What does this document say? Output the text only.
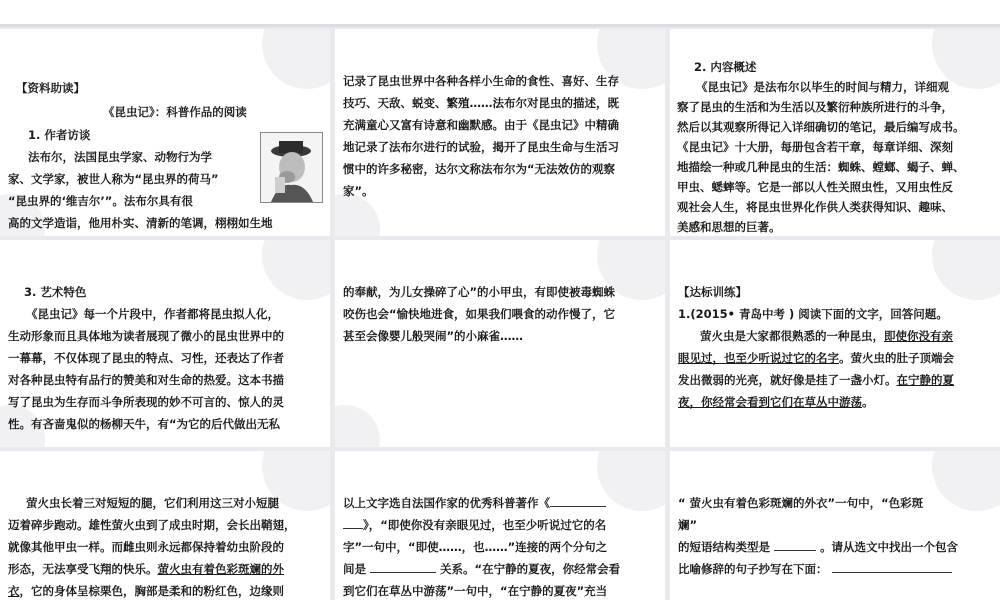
【资料助读】
《昆虫记》：科普作品的阅读
1. 作者访谈
法布尔，法国昆虫学家、动物行为学
家、文学家，被世人称为“昆虫界的荷马”
“昆虫界的‘维吉尔’”。法布尔具有很
高的文学造诣，他用朴实、清新的笔调，栩栩如生地
记录了昆虫世界中各种各样小生命的食性、喜好、生存
技巧、天敌、蜕变、繁殖……法布尔对昆虫的描述，既
充满童心又富有诗意和幽默感。由于《昆虫记》中精确
地记录了法布尔进行的试验，揭开了昆虫生命与生活习
惯中的许多秘密，达尔文称法布尔为“无法效仿的观察
家”。
2. 内容概述
《昆虫记》是法布尔以毕生的时间与精力，详细观
察了昆虫的生活和为生活以及繁衍种族所进行的斗争，
然后以其观察所得记入详细确切的笔记，最后编写成书。
《昆虫记》十大册，每册包含若干章，每章详细、深刻
地描绘一种或几种昆虫的生活：蜘蛛、螳螂、蝎子、蝉、
甲虫、蟋蟀等。它是一部以人性关照虫性，又用虫性反
观社会人生，将昆虫世界化作供人类获得知识、趣味、
美感和思想的巨著。
3. 艺术特色
《昆虫记》每一个片段中，作者都将昆虫拟人化，
生动形象而且具体地为读者展现了微小的昆虫世界中的
一幕幕，不仅体现了昆虫的特点、习性，还表达了作者
对各种昆虫特有品行的赞美和对生命的热爱。这本书描
写了昆虫为生存而斗争所表现的妙不可言的、惊人的灵
性。有吝啬鬼似的杨柳天牛，有“为它的后代做出无私
的奉献，为儿女操碎了心”的小甲虫，有即使被毒蜘蛛
咬伤也会“愉快地进食，如果我们喂食的动作慢了，它
甚至会像婴儿般哭闹”的小麻雀……
【达标训练】
1.(2015• 青岛中考 ) 阅读下面的文字，回答问题。
萤火虫是大家都很熟悉的一种昆虫，即使你没有亲
眼见过，也至少听说过它的名字。萤火虫的肚子顶端会
发出微弱的光亮，就好像是挂了一盏小灯。在宁静的夏
夜，你经常会看到它们在草丛中游荡。
萤火虫长着三对短短的腿，它们利用这三对小短腿
迈着碎步跑动。雄性萤火虫到了成虫时期，会长出鞘翅，
就像其他甲虫一样。而雌虫则永远都保持着幼虫阶段的
形态，无法享受飞翔的快乐。萤火虫有着色彩斑斓的外
衣，它的身体呈棕栗色，胸部是柔和的粉红色，边缘则
以上文字选自法国作家的优秀科普著作《
》，“即使你没有亲眼见过，也至少听说过它的名
字”一句中，“即使……，也……”连接的两个分句之
间是	关系。“在宁静的夏夜，你经常会看
到它们在草丛中游荡”一句中，“在宁静的夏夜”充当
“ 萤火虫有着色彩斑斓的外衣”一句中，“色彩斑
斓”
的短语结构类型是	。请从选文中找出一个包含
比喻修辞的句子抄写在下面：
